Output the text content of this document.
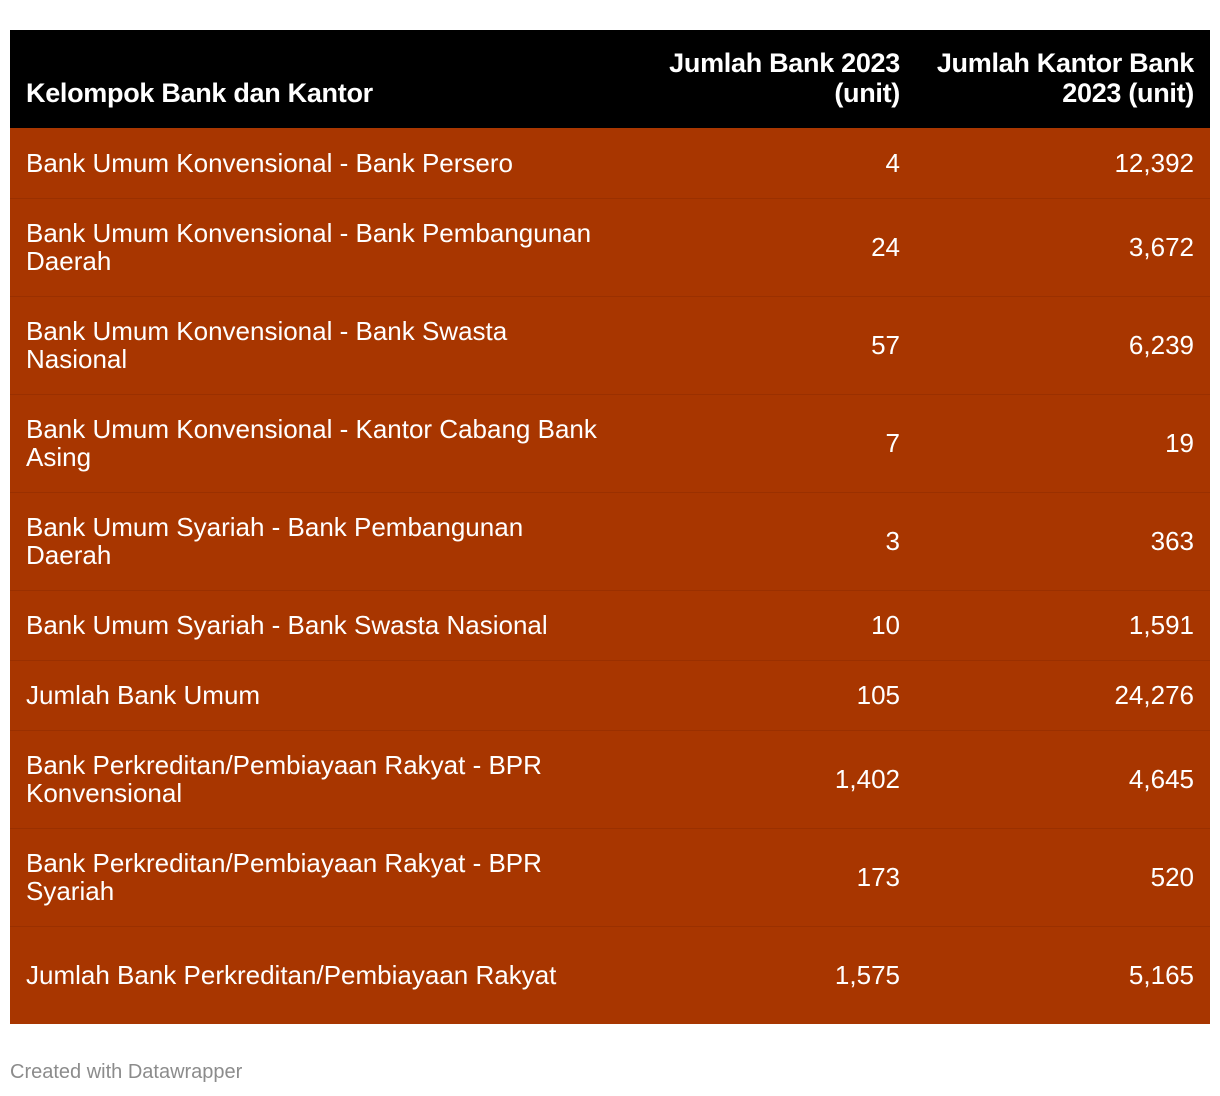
Kelompok Bank dan Kantor	Jumlah Bank 2023 (unit)	Jumlah Kantor Bank 2023 (unit)
Bank Umum Konvensional - Bank Persero	4	12,392
Bank Umum Konvensional - Bank Pembangunan Daerah	24	3,672
Bank Umum Konvensional - Bank Swasta Nasional	57	6,239
Bank Umum Konvensional - Kantor Cabang Bank Asing	7	19
Bank Umum Syariah - Bank Pembangunan Daerah	3	363
Bank Umum Syariah - Bank Swasta Nasional	10	1,591
Jumlah Bank Umum	105	24,276
Bank Perkreditan/Pembiayaan Rakyat - BPR Konvensional	1,402	4,645
Bank Perkreditan/Pembiayaan Rakyat - BPR Syariah	173	520
Jumlah Bank Perkreditan/Pembiayaan Rakyat	1,575	5,165
Created with Datawrapper
